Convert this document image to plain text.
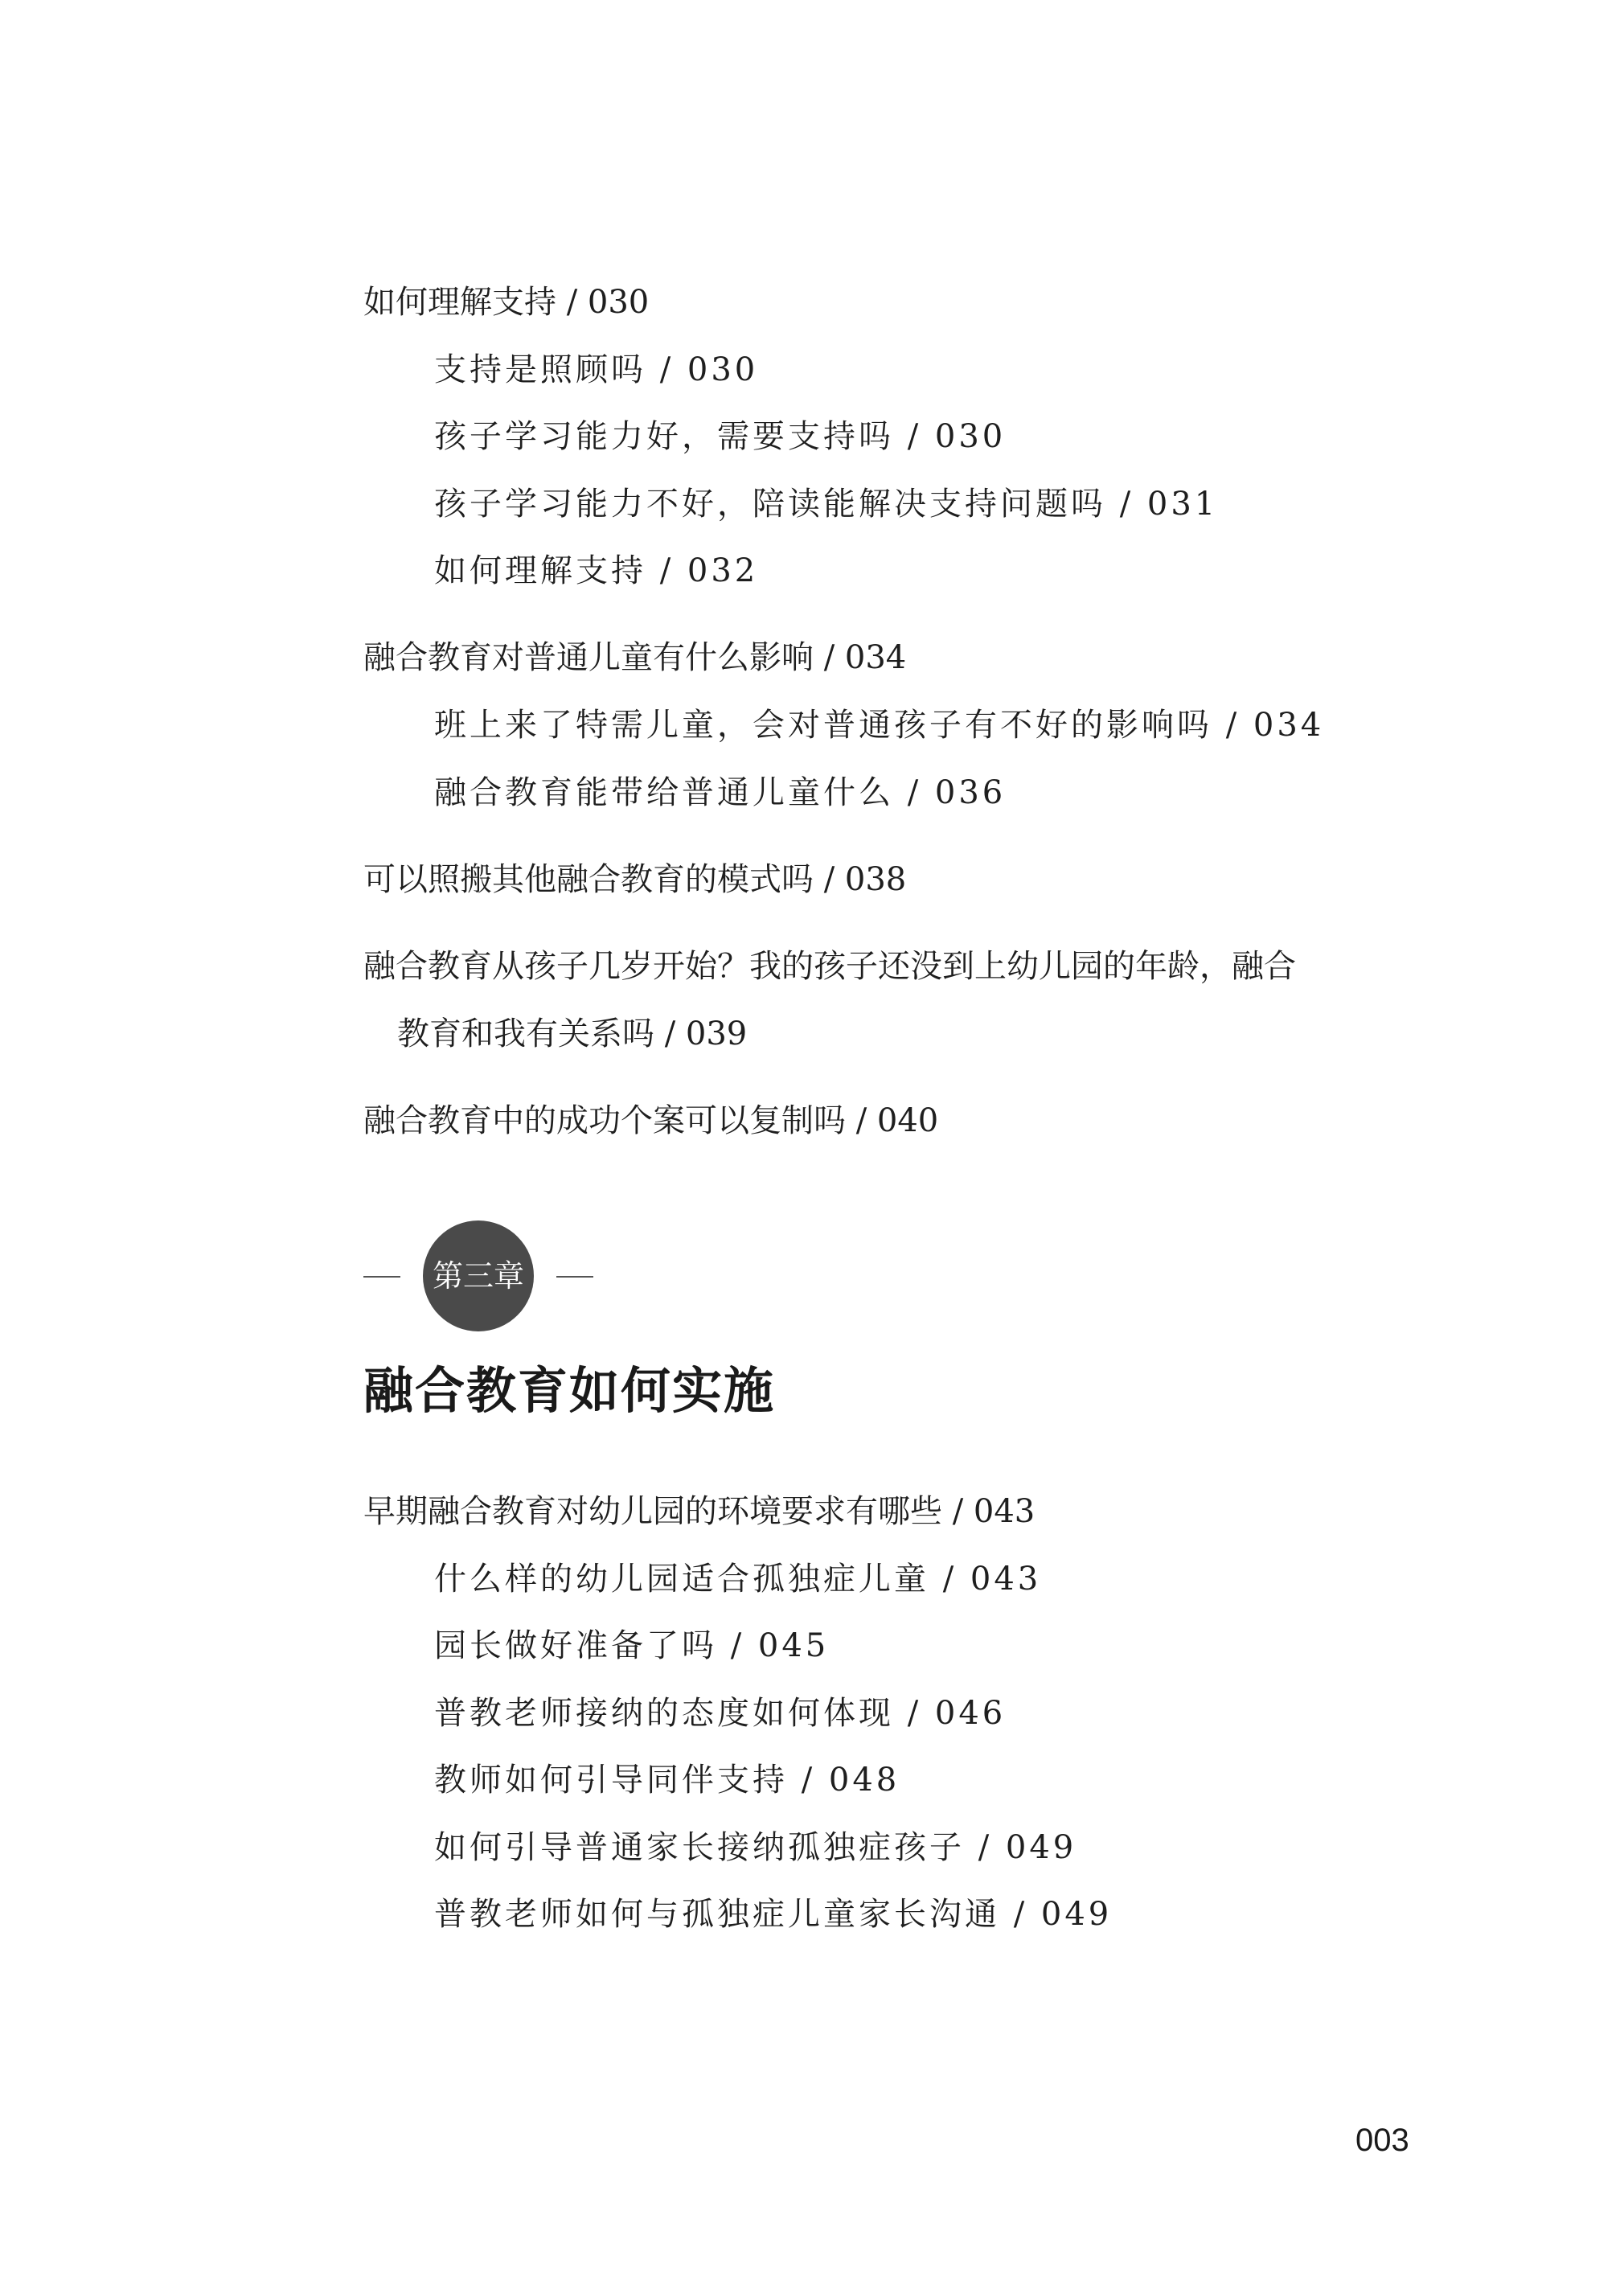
如何理解支持 / 030
支持是照顾吗 / 030
孩子学习能力好，需要支持吗 / 030
孩子学习能力不好，陪读能解决支持问题吗 / 031
如何理解支持 / 032
融合教育对普通儿童有什么影响 / 034
班上来了特需儿童，会对普通孩子有不好的影响吗 / 034
融合教育能带给普通儿童什么 / 036
可以照搬其他融合教育的模式吗 / 038
融合教育从孩子几岁开始？我的孩子还没到上幼儿园的年龄，融合
教育和我有关系吗 / 039
融合教育中的成功个案可以复制吗 / 040
第三章
融合教育如何实施
早期融合教育对幼儿园的环境要求有哪些 / 043
什么样的幼儿园适合孤独症儿童 / 043
园长做好准备了吗 / 045
普教老师接纳的态度如何体现 / 046
教师如何引导同伴支持 / 048
如何引导普通家长接纳孤独症孩子 / 049
普教老师如何与孤独症儿童家长沟通 / 049
003
